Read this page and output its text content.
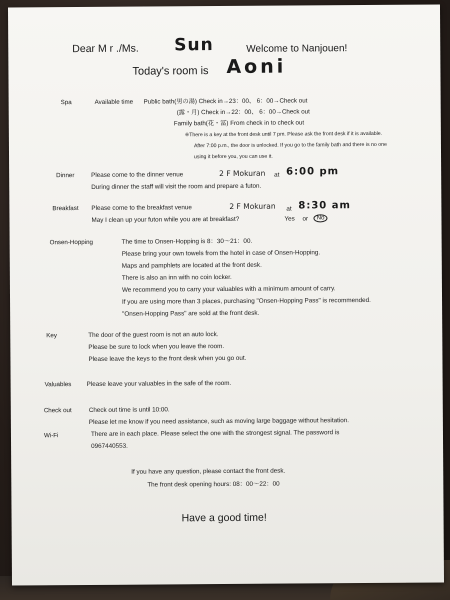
Dear M r ./Ms. Sun	Welcome to Nanjouen!
Today's room is Aoni
Spa	Available time Public bath(男の湯) Check in→23：00、 6：00→Check out
(露・月) Check in→22：00、 6：00→Check out
Family bath(花・冨) From check in to check out
※There is a key at the front desk until 7 pm. Please ask the front desk if it is available.
After 7:00 p.m., the door is unlocked. If you go to the family bath and there is no one
using it before you, you can use it.
Dinner	Please come to the dinner venue	2 F Mokuran at 6:00 pm
During dinner the staff will visit the room and prepare a futon.
Breakfast Please come to the breakfast venue	2 F Mokuran at 8:30 am
May I clean up your futon while you are at breakfast?	Yes or	No
Onsen-Hopping	The time to Onsen-Hopping is 8：30〜21：00.
Please bring your own towels from the hotel in case of Onsen-Hopping.
Maps and pamphlets are located at the front desk.
There is also an inn with no coin locker.
We recommend you to carry your valuables with a minimum amount of carry.
If you are using more than 3 places, purchasing "Onsen-Hopping Pass" is recommended.
"Onsen-Hopping Pass" are sold at the front desk.
Key	The door of the guest room is not an auto lock.
Please be sure to lock when you leave the room.
Please leave the keys to the front desk when you go out.
Valuables Please leave your valuables in the safe of the room.
Check out	Check out time is until 10:00.
Please let me know if you need assistance, such as moving large baggage without hesitation.
Wi-Fi	There are in each place. Please select the one with the strongest signal. The password is
0967440553.
If you have any question, please contact the front desk.
The front desk opening hours: 08：00〜22：00
Have a good time!
